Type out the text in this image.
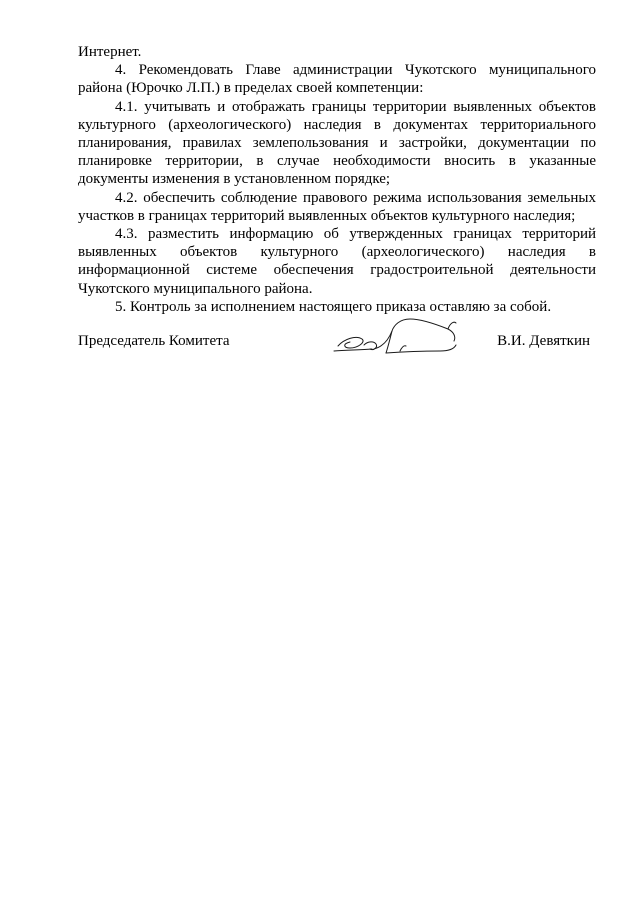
Интернет.

4. Рекомендовать Главе администрации Чукотского муниципального района (Юрочко Л.П.) в пределах своей компетенции:

4.1. учитывать и отображать границы территории выявленных объектов культурного (археологического) наследия в документах территориального планирования, правилах землепользования и застройки, документации по планировке территории, в случае необходимости вносить в указанные документы изменения в установленном порядке;

4.2. обеспечить соблюдение правового режима использования земельных участков в границах территорий выявленных объектов культурного наследия;

4.3. разместить информацию об утвержденных границах территорий выявленных объектов культурного (археологического) наследия в информационной системе обеспечения градостроительной деятельности Чукотского муниципального района.

5. Контроль за исполнением настоящего приказа оставляю за собой.

Председатель Комитета	В.И. Девяткин
